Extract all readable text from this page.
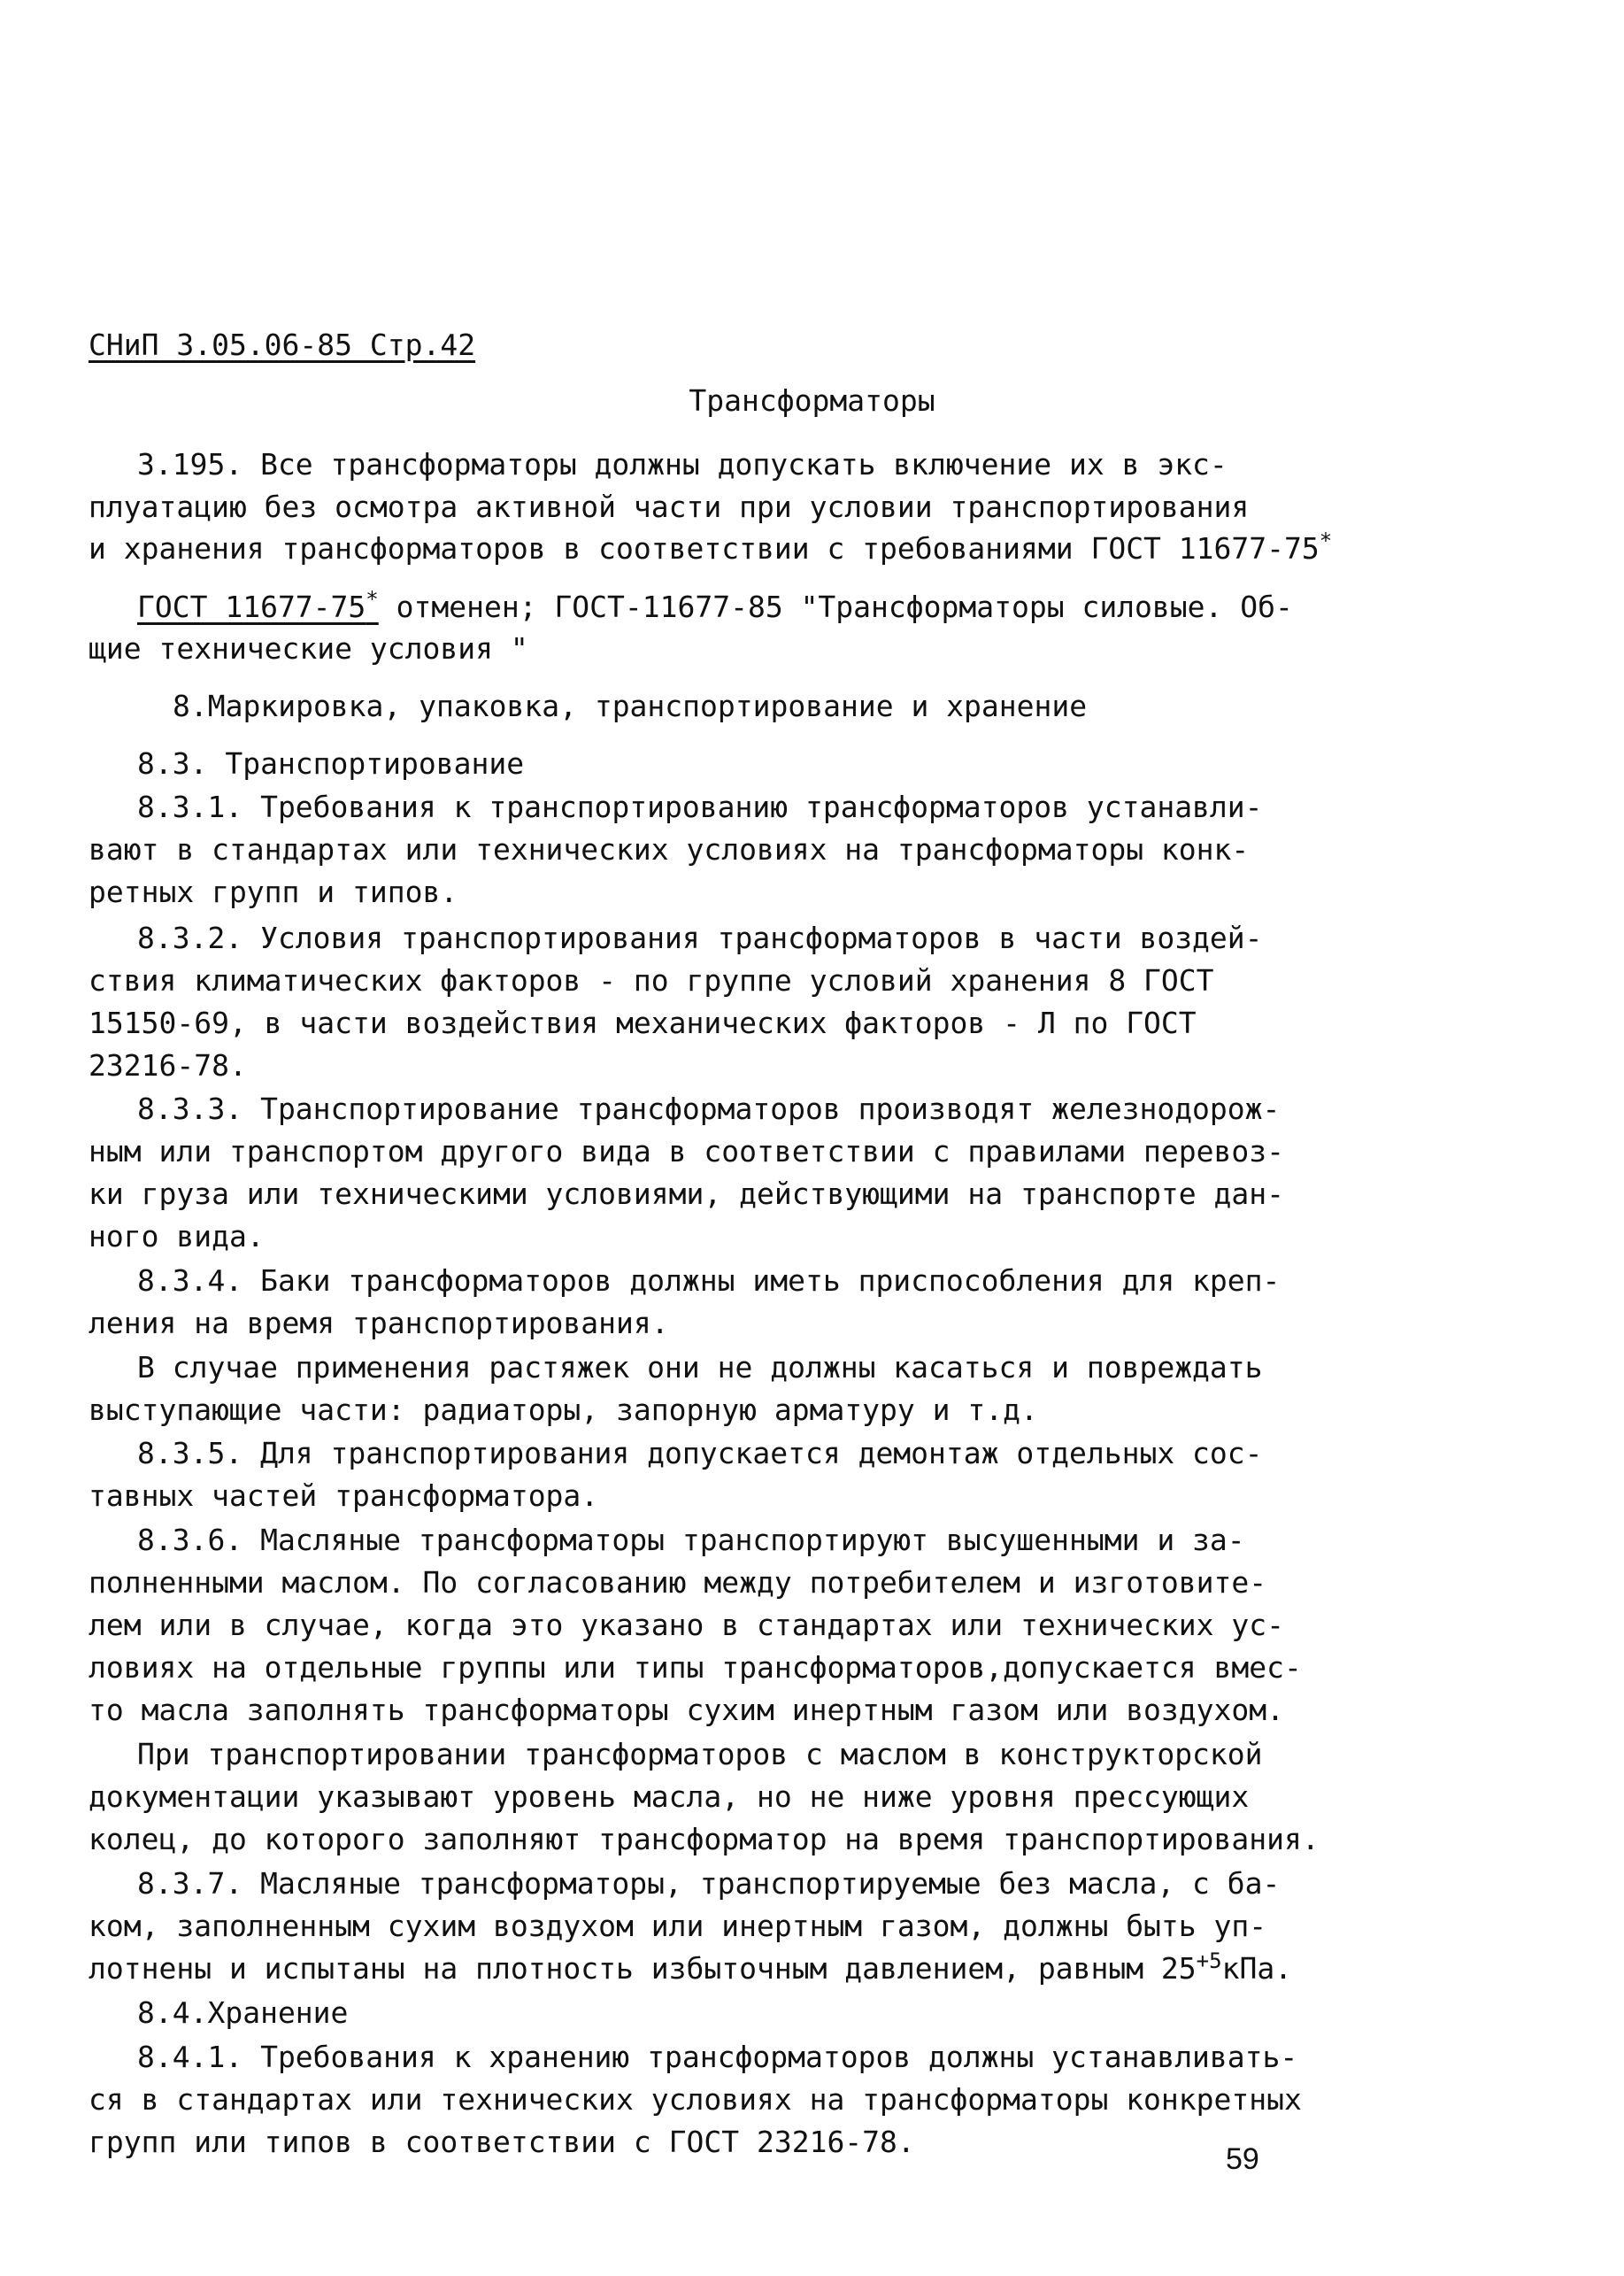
СНиП 3.05.06-85 Стр.42
Трансформаторы
3.195. Все трансформаторы должны допускать включение их в экс-
плуатацию без осмотра активной части при условии транспортирования
и хранения трансформаторов в соответствии с требованиями ГОСТ 11677-75*
ГОСТ 11677-75* отменен; ГОСТ-11677-85 "Трансформаторы силовые. Об-
щие технические условия "
8.Маркировка, упаковка, транспортирование и хранение
8.3. Транспортирование
8.3.1. Требования к транспортированию трансформаторов устанавли-
вают в стандартах или технических условиях на трансформаторы конк-
ретных групп и типов.
8.3.2. Условия транспортирования трансформаторов в части воздей-
ствия климатических факторов - по группе условий хранения 8 ГОСТ
15150-69, в части воздействия механических факторов - Л по ГОСТ
23216-78.
8.3.3. Транспортирование трансформаторов производят железнодорож-
ным или транспортом другого вида в соответствии с правилами перевоз-
ки груза или техническими условиями, действующими на транспорте дан-
ного вида.
8.3.4. Баки трансформаторов должны иметь приспособления для креп-
ления на время транспортирования.
В случае применения растяжек они не должны касаться и повреждать
выступающие части: радиаторы, запорную арматуру и т.д.
8.3.5. Для транспортирования допускается демонтаж отдельных сос-
тавных частей трансформатора.
8.3.6. Масляные трансформаторы транспортируют высушенными и за-
полненными маслом. По согласованию между потребителем и изготовите-
лем или в случае, когда это указано в стандартах или технических ус-
ловиях на отдельные группы или типы трансформаторов,допускается вмес-
то масла заполнять трансформаторы сухим инертным газом или воздухом.
При транспортировании трансформаторов с маслом в конструкторской
документации указывают уровень масла, но не ниже уровня прессующих
колец, до которого заполняют трансформатор на время транспортирования.
8.3.7. Масляные трансформаторы, транспортируемые без масла, с ба-
ком, заполненным сухим воздухом или инертным газом, должны быть уп-
лотнены и испытаны на плотность избыточным давлением, равным $25^{+5}кПа$.
8.4.Хранение
8.4.1. Требования к хранению трансформаторов должны устанавливать-
ся в стандартах или технических условиях на трансформаторы конкретных
групп или типов в соответствии с ГОСТ 23216-78.	59
